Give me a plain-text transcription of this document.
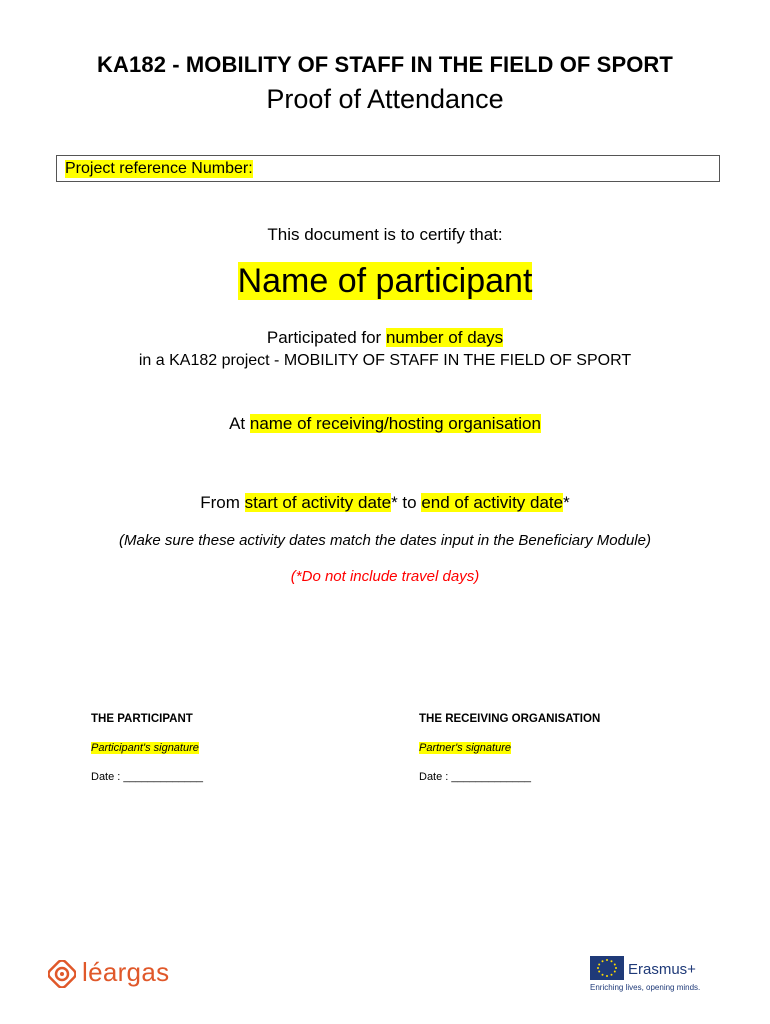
KA182 - MOBILITY OF STAFF IN THE FIELD OF SPORT
Proof of Attendance
Project reference Number:
This document is to certify that:
Name of participant
Participated for number of days
in a KA182 project - MOBILITY OF STAFF IN THE FIELD OF SPORT
At name of receiving/hosting organisation
From start of activity date* to end of activity date*
(Make sure these activity dates match the dates input in the Beneficiary Module)
(*Do not include travel days)
THE PARTICIPANT
Participant's signature
Date : _____________
THE RECEIVING ORGANISATION
Partner's signature
Date : _____________
léargas	Erasmus+
Enriching lives, opening minds.
